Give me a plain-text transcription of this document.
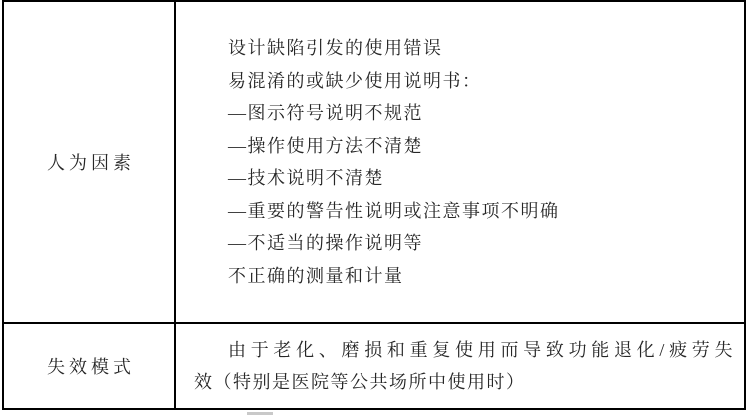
人为因素
设计缺陷引发的使用错误
易混淆的或缺少使用说明书：
—图示符号说明不规范
—操作使用方法不清楚
—技术说明不清楚
—重要的警告性说明或注意事项不明确
—不适当的操作说明等
不正确的测量和计量
失效模式
由于老化、磨损和重复使用而导致功能退化/疲劳失
效（特别是医院等公共场所中使用时）
